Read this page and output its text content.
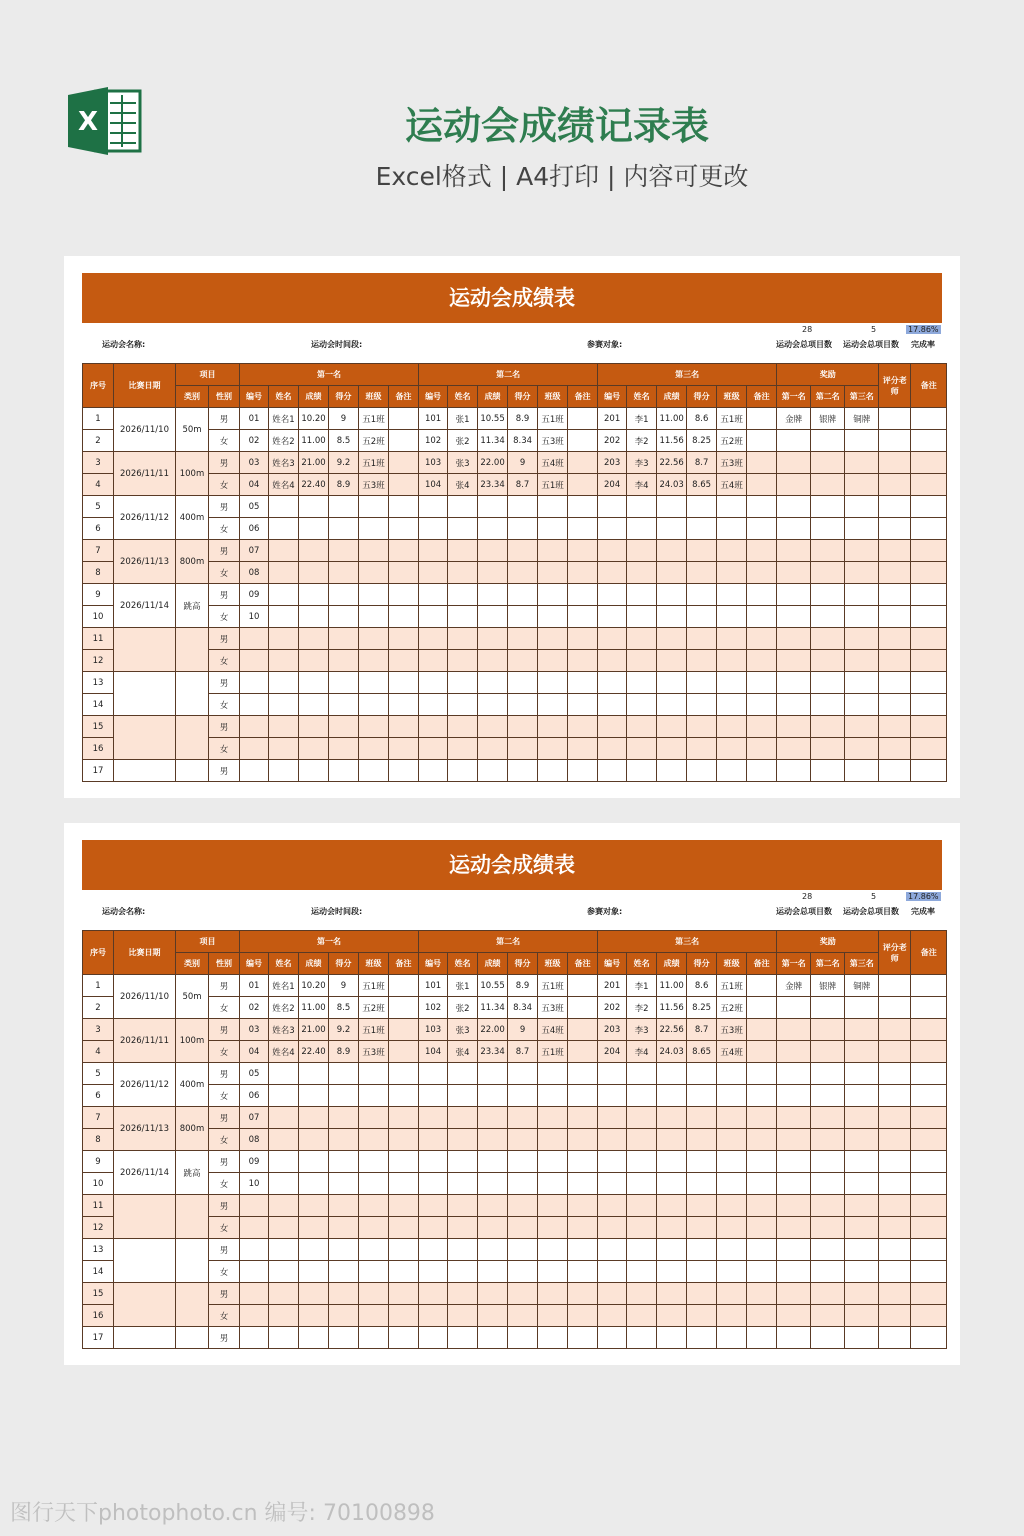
X	运动会成绩记录表
Excel格式 | A4打印 | 内容可更改
运动会成绩表
运动会名称:	运动会时间段:	参赛对象:
28
运动会总项目数
5
运动会总项目数
17.86%
完成率
序号	比赛日期	项目		第一名						第二名						第三名						奖励			评分老师	备注
		类别	性别	编号	姓名	成绩	得分	班级	备注	编号	姓名	成绩	得分	班级	备注	编号	姓名	成绩	得分	班级	备注	第一名	第二名	第三名		
1	2026/11/10	50m	男	01	姓名1	10.20	9	五1班		101	张1	10.55	8.9	五1班		201	李1	11.00	8.6	五1班		金牌	银牌	铜牌		
2			女	02	姓名2	11.00	8.5	五2班		102	张2	11.34	8.34	五3班		202	李2	11.56	8.25	五2班						
3	2026/11/11	100m	男	03	姓名3	21.00	9.2	五1班		103	张3	22.00	9	五4班		203	李3	22.56	8.7	五3班						
4			女	04	姓名4	22.40	8.9	五3班		104	张4	23.34	8.7	五1班		204	李4	24.03	8.65	五4班						
5	2026/11/12	400m	男	05																						
6			女	06																						
7	2026/11/13	800m	男	07																						
8			女	08																						
9	2026/11/14	跳高	男	09																						
10			女	10																						
11			男																							
12			女																							
13			男																							
14			女																							
15			男																							
16			女																							
17			男																							
运动会成绩表
运动会名称:	运动会时间段:	参赛对象:
28
运动会总项目数
5
运动会总项目数
17.86%
完成率
序号	比赛日期	项目		第一名						第二名						第三名						奖励			评分老师	备注
		类别	性别	编号	姓名	成绩	得分	班级	备注	编号	姓名	成绩	得分	班级	备注	编号	姓名	成绩	得分	班级	备注	第一名	第二名	第三名		
1	2026/11/10	50m	男	01	姓名1	10.20	9	五1班		101	张1	10.55	8.9	五1班		201	李1	11.00	8.6	五1班		金牌	银牌	铜牌		
2			女	02	姓名2	11.00	8.5	五2班		102	张2	11.34	8.34	五3班		202	李2	11.56	8.25	五2班						
3	2026/11/11	100m	男	03	姓名3	21.00	9.2	五1班		103	张3	22.00	9	五4班		203	李3	22.56	8.7	五3班						
4			女	04	姓名4	22.40	8.9	五3班		104	张4	23.34	8.7	五1班		204	李4	24.03	8.65	五4班						
5	2026/11/12	400m	男	05																						
6			女	06																						
7	2026/11/13	800m	男	07																						
8			女	08																						
9	2026/11/14	跳高	男	09																						
10			女	10																						
11			男																							
12			女																							
13			男																							
14			女																							
15			男																							
16			女																							
17			男																							
图行天下photophoto.cn 编号: 70100898
